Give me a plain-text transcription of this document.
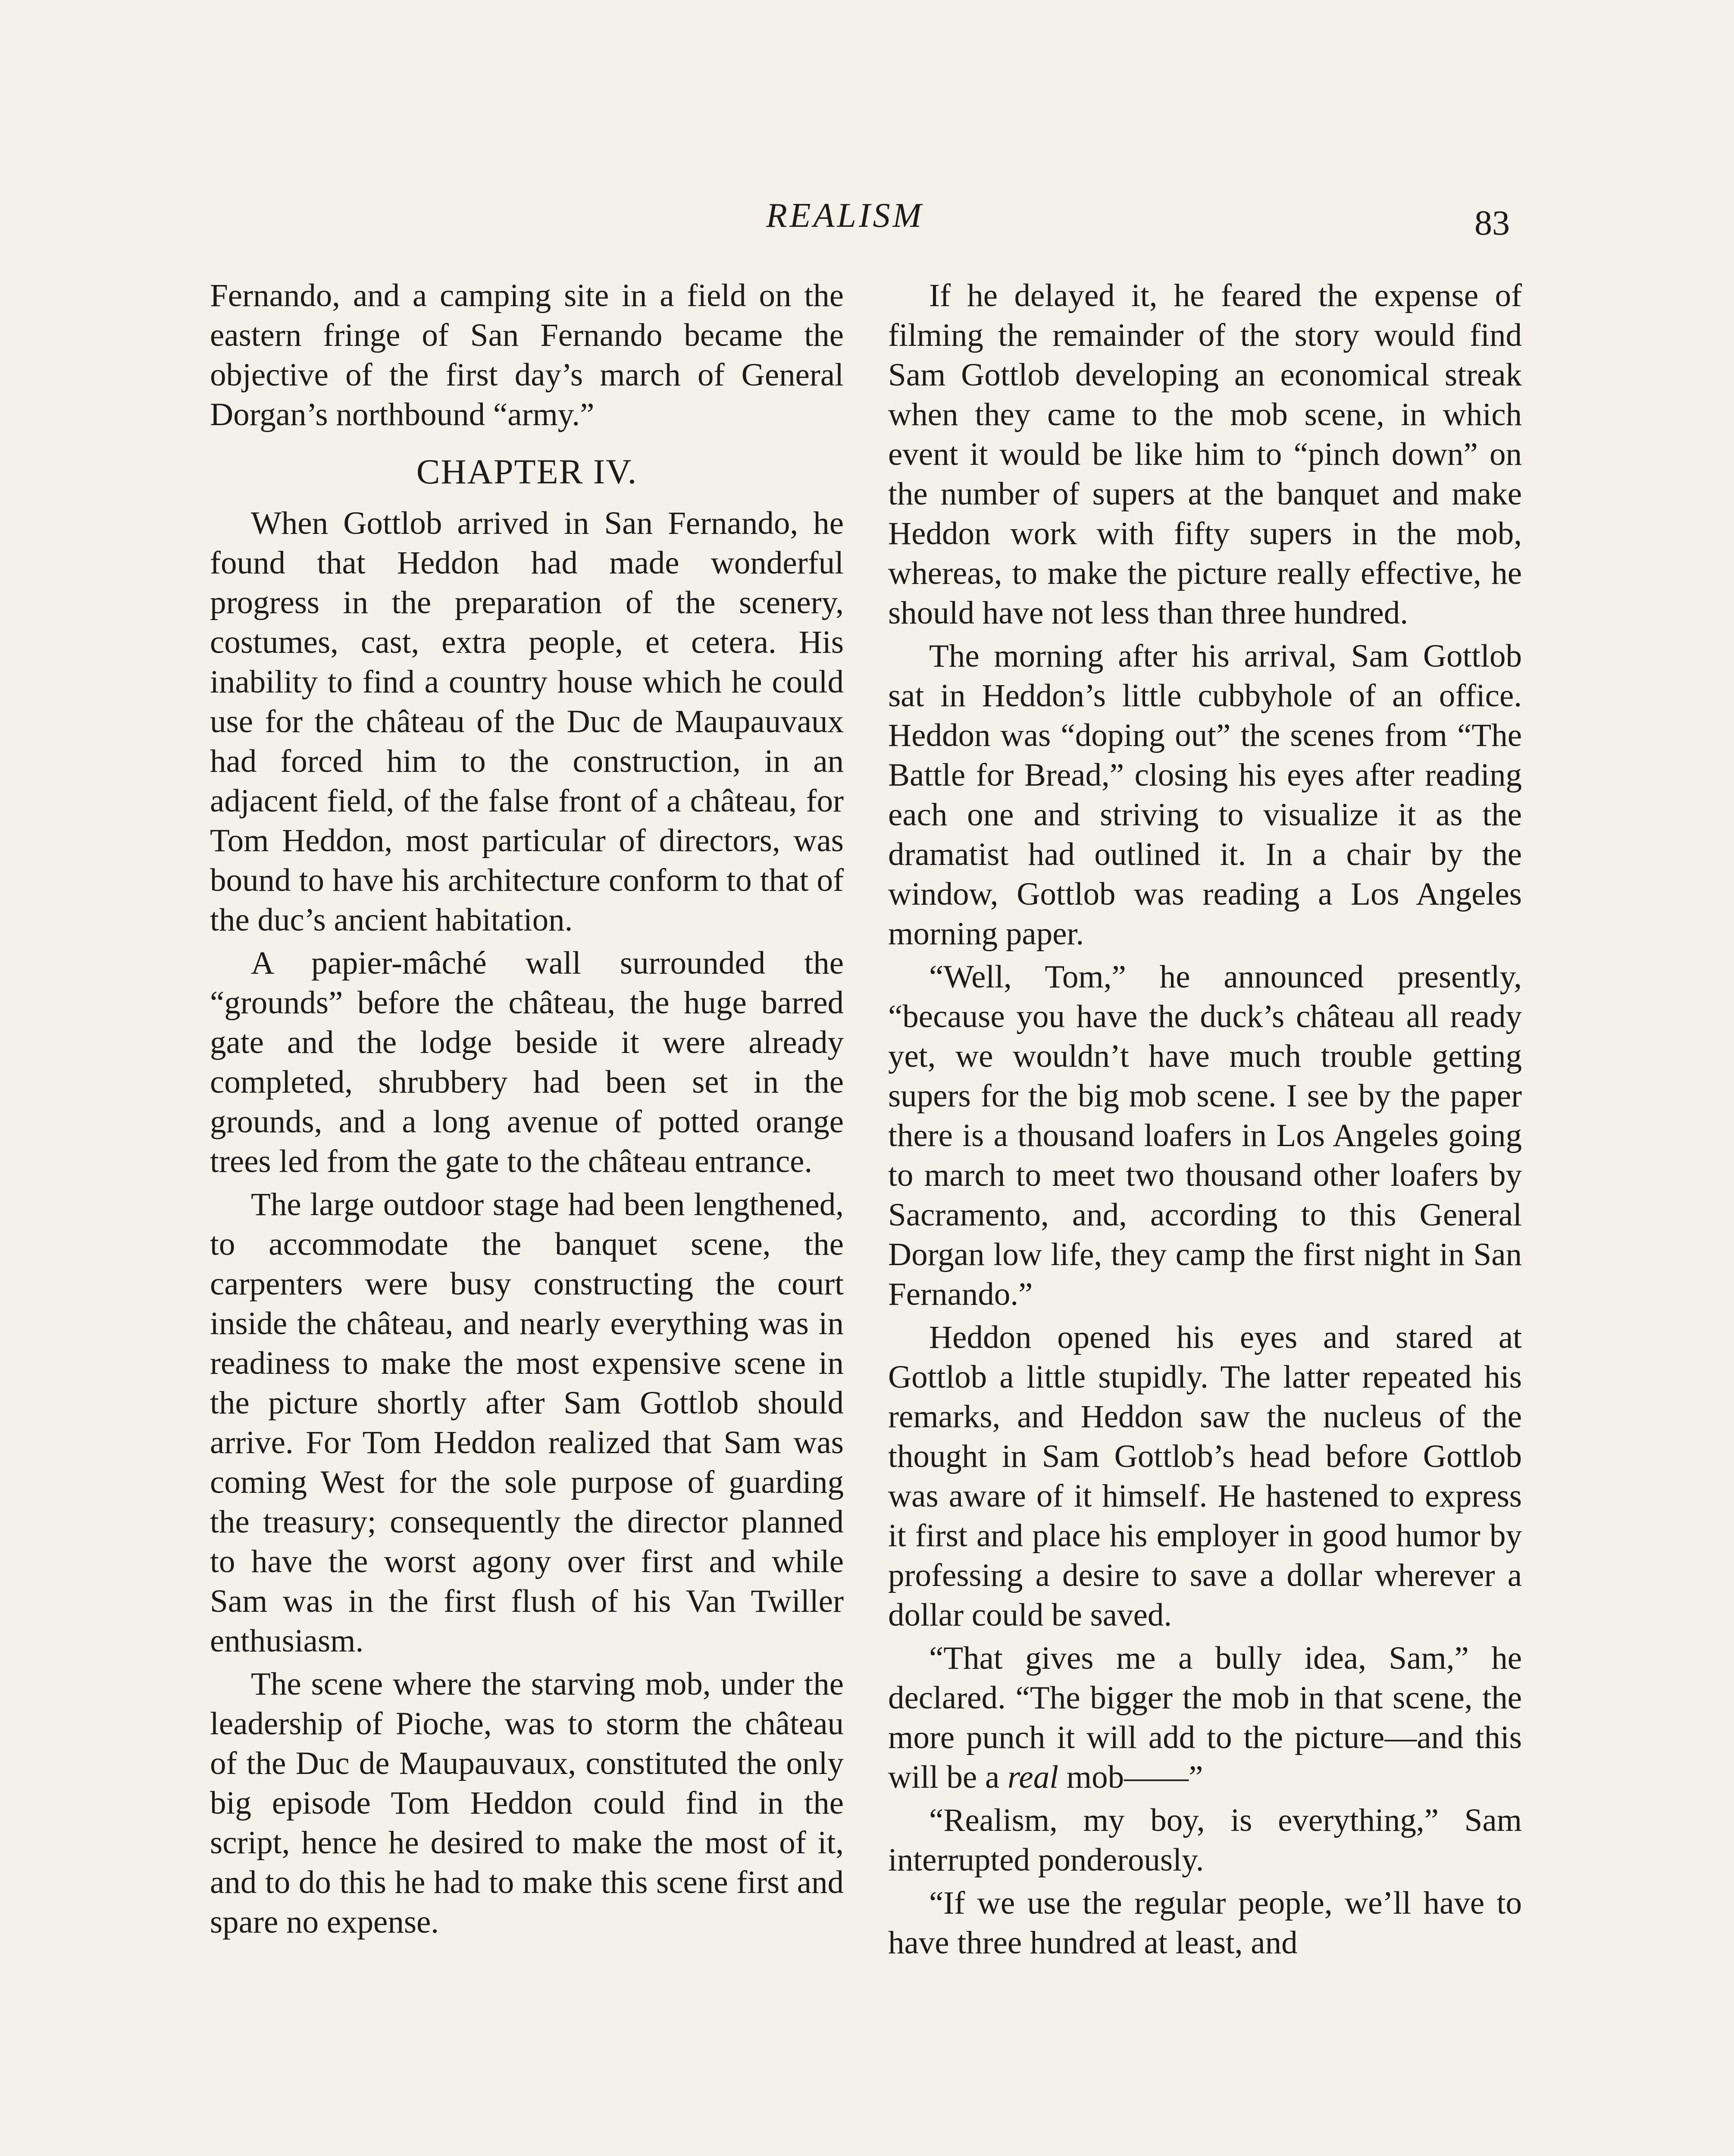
REALISM	83

Fernando, and a camping site in a field on the eastern fringe of San Fernando became the objective of the first day’s march of General Dorgan’s northbound “army.”

CHAPTER IV.

When Gottlob arrived in San Fernando, he found that Heddon had made wonderful progress in the preparation of the scenery, costumes, cast, extra people, et cetera. His inability to find a country house which he could use for the château of the Duc de Maupauvaux had forced him to the construction, in an adjacent field, of the false front of a château, for Tom Heddon, most particular of directors, was bound to have his architecture conform to that of the duc’s ancient habitation.

A papier-mâché wall surrounded the “grounds” before the château, the huge barred gate and the lodge beside it were already completed, shrubbery had been set in the grounds, and a long avenue of potted orange trees led from the gate to the château entrance.

The large outdoor stage had been lengthened, to accommodate the banquet scene, the carpenters were busy constructing the court inside the château, and nearly everything was in readiness to make the most expensive scene in the picture shortly after Sam Gottlob should arrive. For Tom Heddon realized that Sam was coming West for the sole purpose of guarding the treasury; consequently the director planned to have the worst agony over first and while Sam was in the first flush of his Van Twiller enthusiasm.

The scene where the starving mob, under the leadership of Pioche, was to storm the château of the Duc de Maupauvaux, constituted the only big episode Tom Heddon could find in the script, hence he desired to make the most of it, and to do this he had to make this scene first and spare no expense.

If he delayed it, he feared the expense of filming the remainder of the story would find Sam Gottlob developing an economical streak when they came to the mob scene, in which event it would be like him to “pinch down” on the number of supers at the banquet and make Heddon work with fifty supers in the mob, whereas, to make the picture really effective, he should have not less than three hundred.

The morning after his arrival, Sam Gottlob sat in Heddon’s little cubbyhole of an office. Heddon was “doping out” the scenes from “The Battle for Bread,” closing his eyes after reading each one and striving to visualize it as the dramatist had outlined it. In a chair by the window, Gottlob was reading a Los Angeles morning paper.

“Well, Tom,” he announced presently, “because you have the duck’s château all ready yet, we wouldn’t have much trouble getting supers for the big mob scene. I see by the paper there is a thousand loafers in Los Angeles going to march to meet two thousand other loafers by Sacramento, and, according to this General Dorgan low life, they camp the first night in San Fernando.”

Heddon opened his eyes and stared at Gottlob a little stupidly. The latter repeated his remarks, and Heddon saw the nucleus of the thought in Sam Gottlob’s head before Gottlob was aware of it himself. He hastened to express it first and place his employer in good humor by professing a desire to save a dollar wherever a dollar could be saved.

“That gives me a bully idea, Sam,” he declared. “The bigger the mob in that scene, the more punch it will add to the picture—and this will be a real mob——”

“Realism, my boy, is everything,” Sam interrupted ponderously.

“If we use the regular people, we’ll have to have three hundred at least, and
